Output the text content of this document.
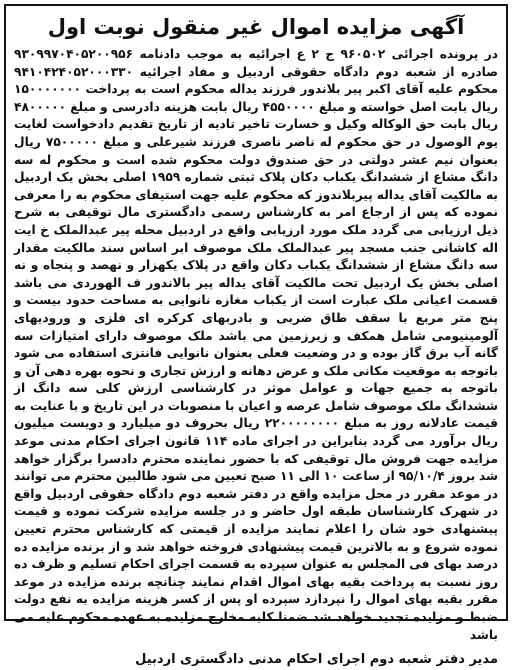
آگهی مزایده اموال غیر منقول نوبت اول

در پرونده اجرائی ۹۶۰۵۰۲ ج ۲ ع اجرائیه به موجب دادنامه ۹۳۰۹۹۷۰۴۰۵۲۰۰۹۵۶ صادره از شعبه دوم دادگاه حقوقی اردبیل و مفاد اجرائیه ۹۴۱۰۴۲۴۰۵۲۰۰۰۳۳۰ محکوم علیه آقای اکبر پیر بلاندور فرزند یداله محکوم است به پرداخت ۱۵۰۰۰۰۰۰۰ ریال بابت اصل خواسته و مبلغ ۴۵۵۰۰۰۰ ریال بابت هزینه دادرسی و مبلغ ۴۸۰۰۰۰۰ ریال بابت حق الوکاله وکیل و خسارت تاخیر تادیه از تاریخ تقدیم دادخواست لغایت یوم الوصول در حق محکوم له ناصر ناصری فرزند شیرعلی و مبلغ ۷۵۰۰۰۰۰ ریال بعنوان نیم عشر دولتی در حق صندوق دولت محکوم شده است و محکوم له سه دانگ مشاع از ششدانگ یکباب دکان پلاک ثبتی شماره ۱۹۵۹ اصلی بخش یک اردبیل به مالکیت آقای یداله پیربلاندوز که محکوم علیه جهت استیفای محکوم به را معرفی نموده که پس از ارجاع امر به کارشناس رسمی دادگستری مال توقیفی به شرح ذیل ارزیابی می گردد ملک مورد ارزیابی واقع در اردبیل محله پیر عبدالملک خ ایت اله کاشانی جنب مسجد پیر عبدالملک ملک موصوف ابر اساس سند مالکیت مقدار سه دانگ مشاع از ششدانگ یکباب دکان واقع در پلاک یکهزار و نهصد و پنجاه و نه اصلی بخش یک اردبیل تحت مالکیت آقای یداله پیر بالاندور ف الهوردی می باشد قسمت اعیانی ملک عبارت است از یکباب مغازه نانوایی به مساحت حدود بیست و پنج متر مربع با سقف طاق ضربی و بادربهای کرکره ای فلزی و ورودیهای آلومینیومی شامل همکف و زیرزمین می باشد ملک موصوف دارای امتیازات سه گانه آب برق گاز بوده و در وضعیت فعلی بعنوان نانوایی فانتزی استفاده می شود باتوجه به موقعیت مکانی ملک و عرض دهانه و ارزش تجاری و نحوه بهره دهی آن و باتوجه به جمیع جهات و عوامل موثر در کارشناسی ارزش کلی سه دانگ از ششدانگ ملک موصوف شامل عرصه و اعیان با منصوبات در این تاریخ و با عنایت به قیمت عادلانه روز به مبلغ ۲۲۰۰۰۰۰۰۰۰ ریال بحروف دو میلیارد و دویست میلیون ریال برآورد می گردد بنابراین در اجرای ماده ۱۱۴ قانون اجرای احکام مدنی موعد مزایده جهت فروش مال توقیفی که با حضور نماینده محترم دادسرا برگزار خواهد شد بروز ۹۵/۱۰/۴ از ساعت ۱۰ الی ۱۱ صبح تعیین می شود طالبین محترم می توانند در موعد مقرر در محل مزایده واقع در دفتر شعبه دوم دادگاه حقوقی اردبیل واقع در شهرک کارشناسان طبقه اول حاضر و در جلسه مزایده شرکت نموده و قیمت پیشنهادی خود شان را اعلام نمایند مزایده از قیمتی که کارشناس محترم تعیین نموده شروع و به بالاترین قیمت پیشنهادی فروخته خواهد شد و از برنده مزایده ده درصد بهای فی المجلس به عنوان سپرده به قسمت اجرای احکام تسلیم و ظرف ده روز نسبت به پرداخت بقیه بهای اموال اقدام نمایند چنانچه برنده مزایده در موعد مقرر بقیه بهای اموال را نپردازد سپرده او پس از کسر هزینه مزایده به نفع دولت ضبط و مزایده تجدید خواهد شد ضمنا کلیه مخارج مزایده به عهده محکوم علیه می باشد

مدیر دفتر شعبه دوم اجرای احکام مدنی دادگستری اردبیل
